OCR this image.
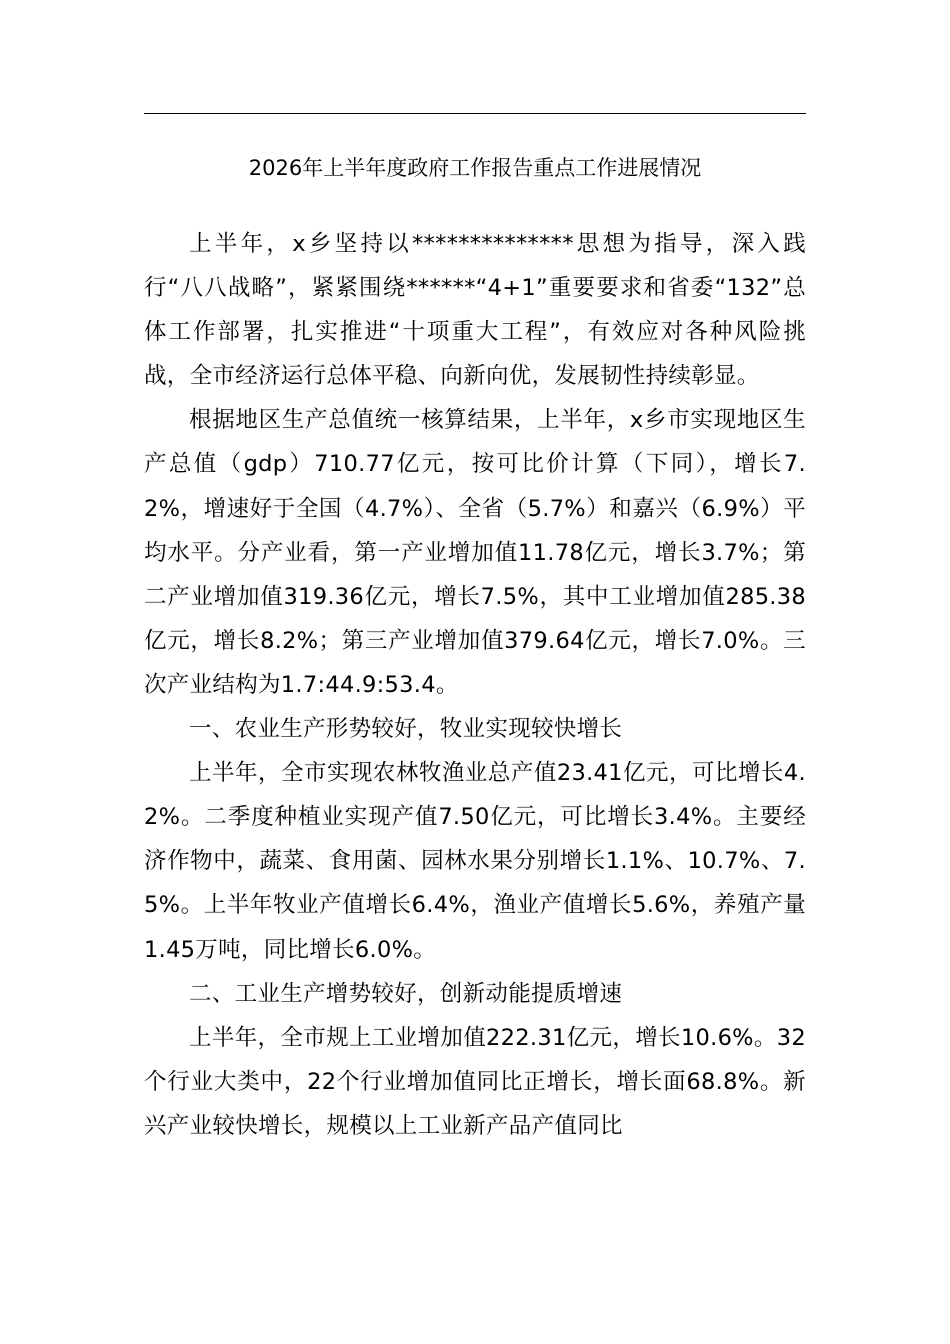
2026年上半年度政府工作报告重点工作进展情况

上半年，x乡坚持以**************思想为指导，深入践行“八八战略”，紧紧围绕******“4+1”重要要求和省委“132”总体工作部署，扎实推进“十项重大工程”，有效应对各种风险挑战，全市经济运行总体平稳、向新向优，发展韧性持续彰显。

根据地区生产总值统一核算结果，上半年，x乡市实现地区生产总值（gdp）710.77亿元，按可比价计算（下同），增长7.2%，增速好于全国（4.7%）、全省（5.7%）和嘉兴（6.9%）平均水平。分产业看，第一产业增加值11.78亿元，增长3.7%；第二产业增加值319.36亿元，增长7.5%，其中工业增加值285.38亿元，增长8.2%；第三产业增加值379.64亿元，增长7.0%。三次产业结构为1.7:44.9:53.4。

一、农业生产形势较好，牧业实现较快增长

上半年，全市实现农林牧渔业总产值23.41亿元，可比增长4.2%。二季度种植业实现产值7.50亿元，可比增长3.4%。主要经济作物中，蔬菜、食用菌、园林水果分别增长1.1%、10.7%、7.5%。上半年牧业产值增长6.4%，渔业产值增长5.6%，养殖产量1.45万吨，同比增长6.0%。

二、工业生产增势较好，创新动能提质增速

上半年，全市规上工业增加值222.31亿元，增长10.6%。32个行业大类中，22个行业增加值同比正增长，增长面68.8%。新兴产业较快增长，规模以上工业新产品产值同比
